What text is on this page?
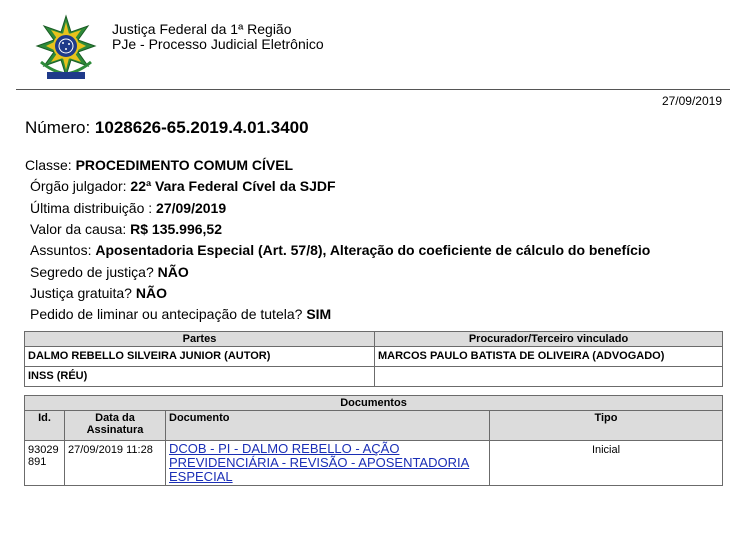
Justiça Federal da 1ª Região
PJe - Processo Judicial Eletrônico
27/09/2019
Número: 1028626-65.2019.4.01.3400
Classe: PROCEDIMENTO COMUM CÍVEL
Órgão julgador: 22ª Vara Federal Cível da SJDF
Última distribuição : 27/09/2019
Valor da causa: R$ 135.996,52
Assuntos: Aposentadoria Especial (Art. 57/8), Alteração do coeficiente de cálculo do benefício
Segredo de justiça? NÃO
Justiça gratuita? NÃO
Pedido de liminar ou antecipação de tutela? SIM
Partes	Procurador/Terceiro vinculado
DALMO REBELLO SILVEIRA JUNIOR (AUTOR)	MARCOS PAULO BATISTA DE OLIVEIRA (ADVOGADO)
INSS (RÉU)	
Documentos			
Id.	Data da Assinatura	Documento	Tipo
93029891	27/09/2019 11:28	DCOB - PI - DALMO REBELLO - AÇÃO PREVIDENCIÁRIA - REVISÃO - APOSENTADORIA ESPECIAL	Inicial
